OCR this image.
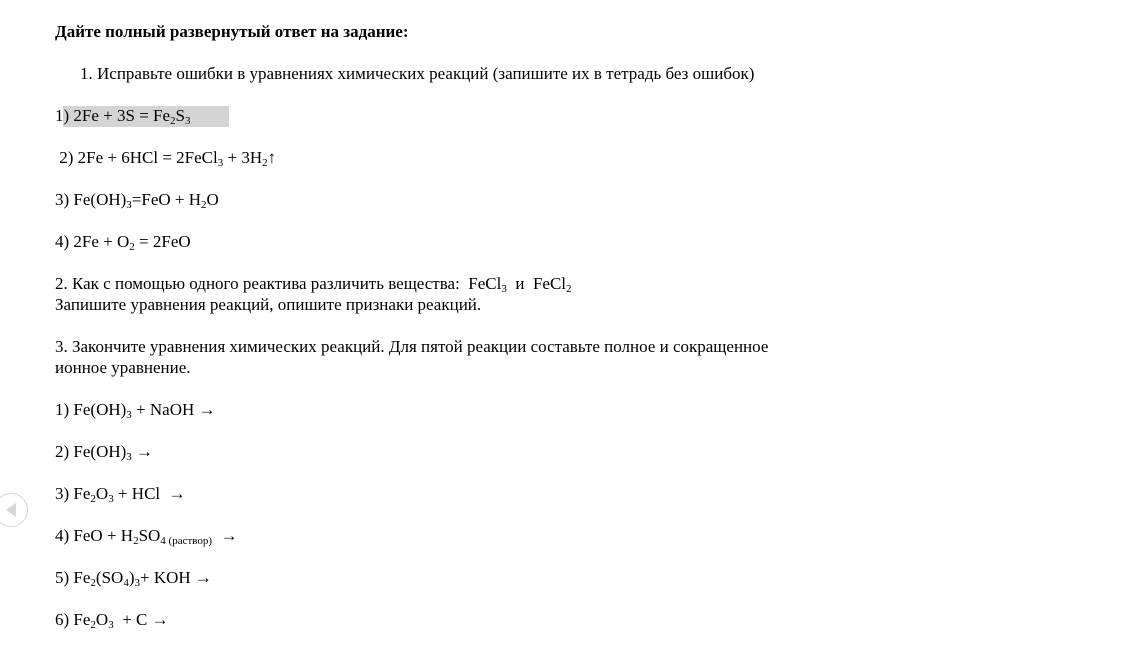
Дайте полный развернутый ответ на задание:
1. Исправьте ошибки в уравнениях химических реакций (запишите их в тетрадь без ошибок)
1) $2Fe + 3S = Fe_2S_3$
2) 2Fe + 6HCl = 2FeCl$_3$ + $3H_2↑$
3) $Fe(OH)_3=FeO + H_2O$
4) $2Fe + O_2 = 2FeO$
2. Как с помощью одного реактива различить вещества:  FeCl$_3$  и  FeCl$_2$
Запишите уравнения реакций, опишите признаки реакций.
3. Закончите уравнения химических реакций. Для пятой реакции составьте полное и сокращенное
ионное уравнение.
1) $Fe(OH)_3$ + NaOH →
2) $Fe(OH)_3$ →
3) $Fe_2O_3$ + HCl  →
4) FeO + $H_2SO_4$ $_{(раствор)}$  →
5) $Fe_2(SO_4)_3+$ KOH →
6) $Fe_2O_3 + C$ →
